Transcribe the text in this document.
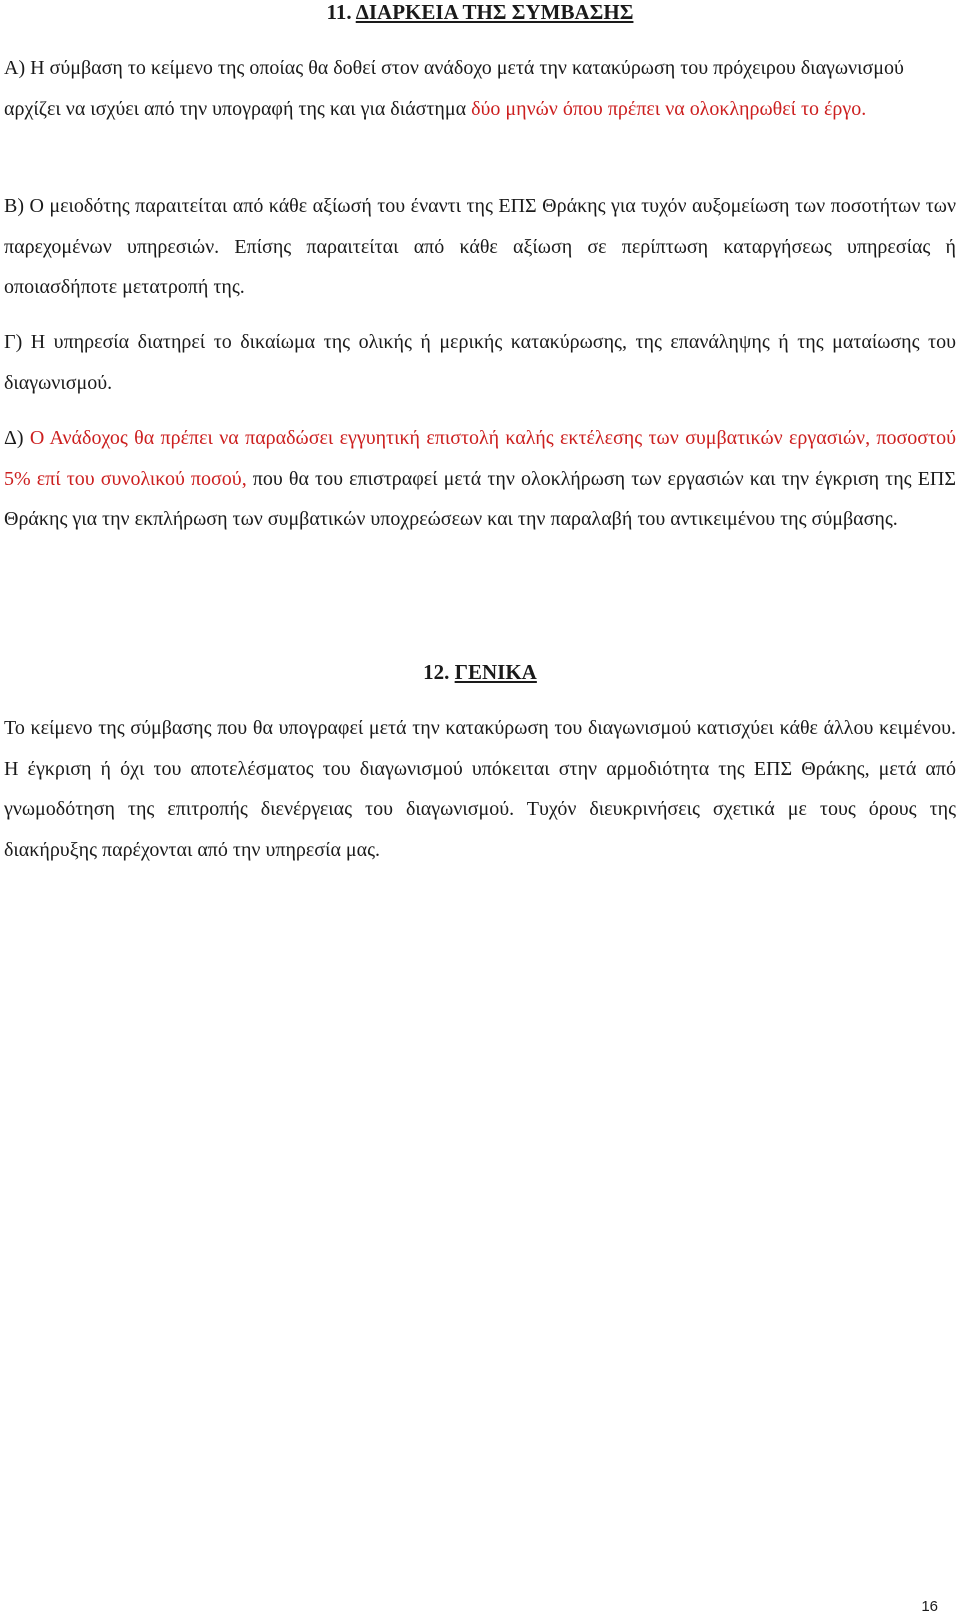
11. ΔΙΑΡΚΕΙΑ ΤΗΣ ΣΥΜΒΑΣΗΣ

Α) Η σύμβαση το κείμενο της οποίας θα δοθεί στον ανάδοχο μετά την κατακύρωση του πρόχειρου διαγωνισμού αρχίζει να ισχύει από την υπογραφή της και για διάστημα δύο μηνών όπου πρέπει να ολοκληρωθεί το έργο.

Β) Ο μειοδότης παραιτείται από κάθε αξίωσή του έναντι της ΕΠΣ Θράκης για τυχόν αυξομείωση των ποσοτήτων των παρεχομένων υπηρεσιών. Επίσης παραιτείται από κάθε αξίωση σε περίπτωση καταργήσεως υπηρεσίας ή οποιασδήποτε μετατροπή της.

Γ) Η υπηρεσία διατηρεί το δικαίωμα της ολικής ή μερικής κατακύρωσης, της επανάληψης ή της ματαίωσης του διαγωνισμού.

Δ) Ο Ανάδοχος θα πρέπει να παραδώσει εγγυητική επιστολή καλής εκτέλεσης των συμβατικών εργασιών, ποσοστού 5% επί του συνολικού ποσού, που θα του επιστραφεί μετά την ολοκλήρωση των εργασιών και την έγκριση της ΕΠΣ Θράκης για την εκπλήρωση των συμβατικών υποχρεώσεων και την παραλαβή του αντικειμένου της σύμβασης.

12. ΓΕΝΙΚΑ

Το κείμενο της σύμβασης που θα υπογραφεί μετά την κατακύρωση του διαγωνισμού κατισχύει κάθε άλλου κειμένου. Η έγκριση ή όχι του αποτελέσματος του διαγωνισμού υπόκειται στην αρμοδιότητα της ΕΠΣ Θράκης, μετά από γνωμοδότηση της επιτροπής διενέργειας του διαγωνισμού. Τυχόν διευκρινήσεις σχετικά με τους όρους της διακήρυξης παρέχονται από την υπηρεσία μας.

16
